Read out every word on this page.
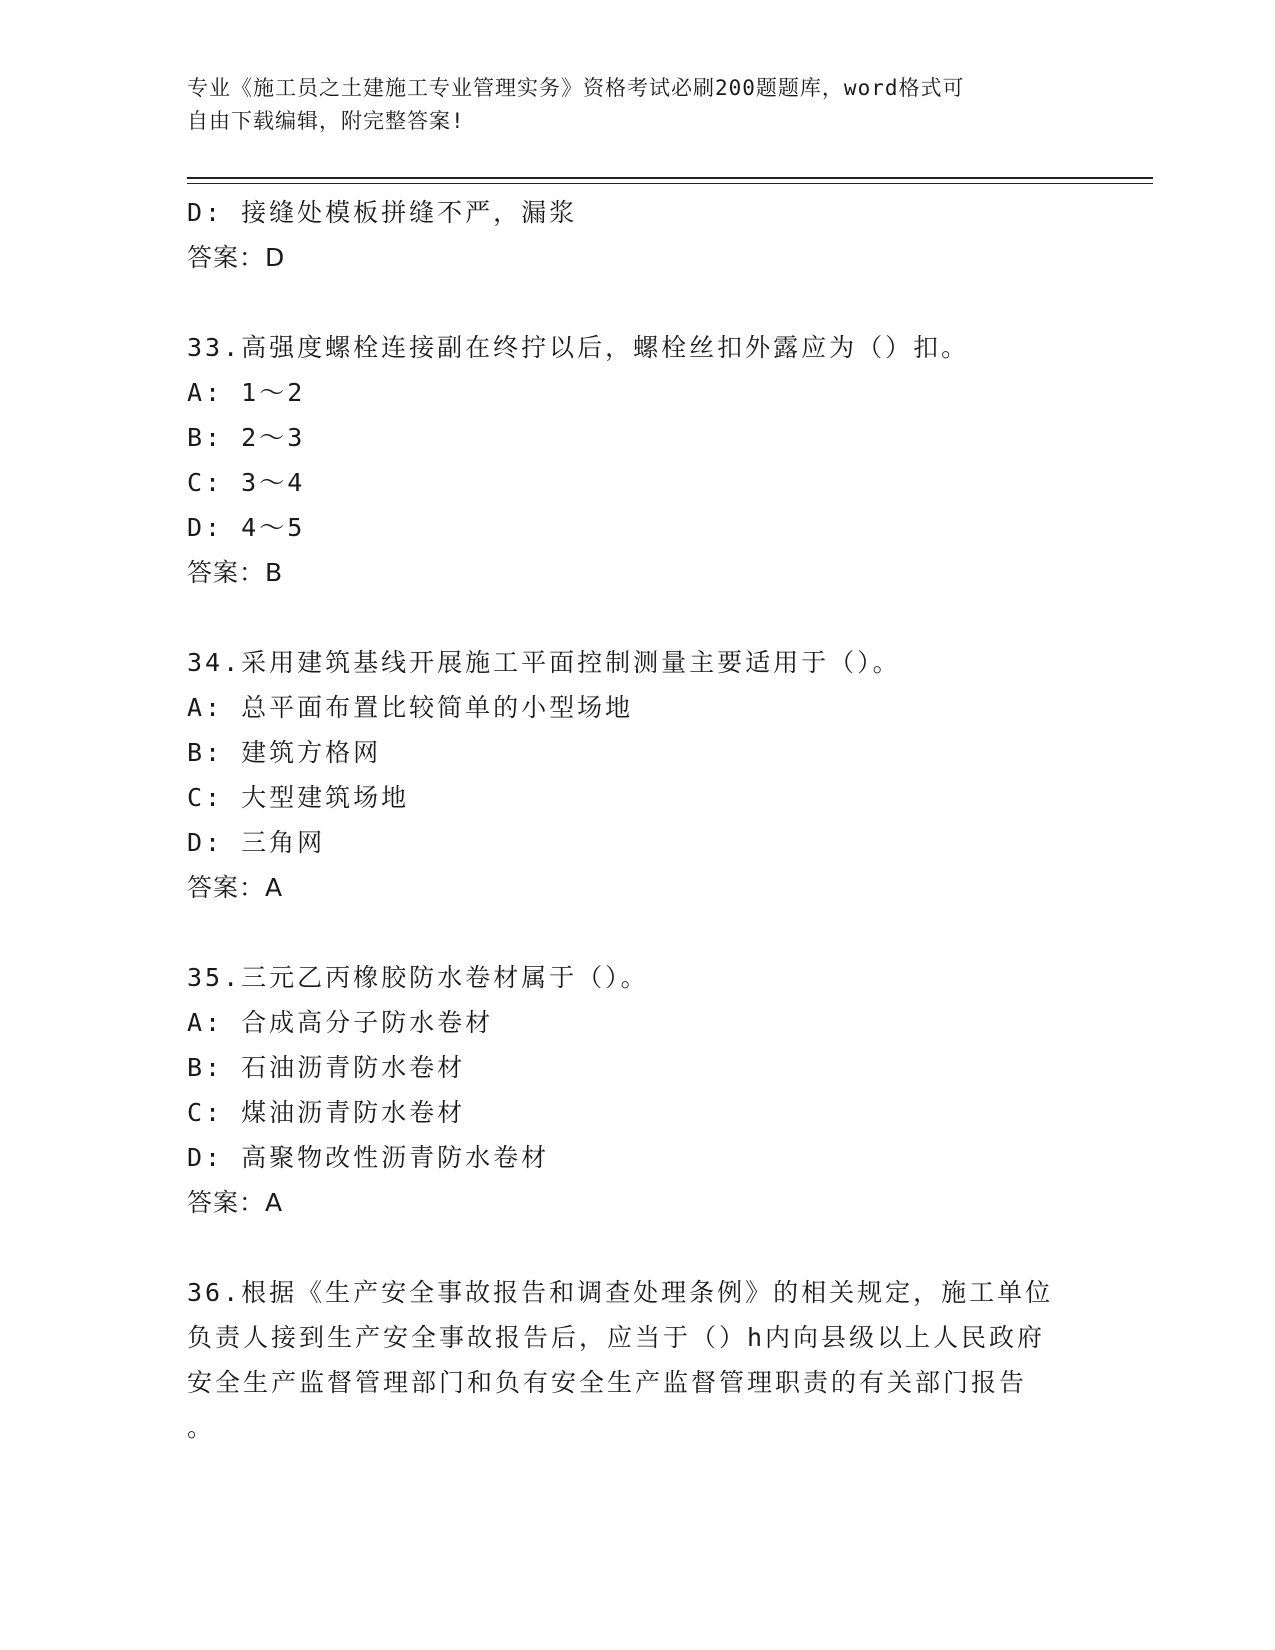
专业《施工员之土建施工专业管理实务》资格考试必刷200题题库，word格式可
自由下载编辑，附完整答案!
D: 接缝处模板拼缝不严，漏浆
答案：D
33.高强度螺栓连接副在终拧以后，螺栓丝扣外露应为（）扣。
A: 1～2
B: 2～3
C: 3～4
D: 4～5
答案：B
34.采用建筑基线开展施工平面控制测量主要适用于（）。
A: 总平面布置比较简单的小型场地
B: 建筑方格网
C: 大型建筑场地
D: 三角网
答案：A
35.三元乙丙橡胶防水卷材属于（）。
A: 合成高分子防水卷材
B: 石油沥青防水卷材
C: 煤油沥青防水卷材
D: 高聚物改性沥青防水卷材
答案：A
36.根据《生产安全事故报告和调查处理条例》的相关规定，施工单位
负责人接到生产安全事故报告后，应当于（）h内向县级以上人民政府
安全生产监督管理部门和负有安全生产监督管理职责的有关部门报告
。
